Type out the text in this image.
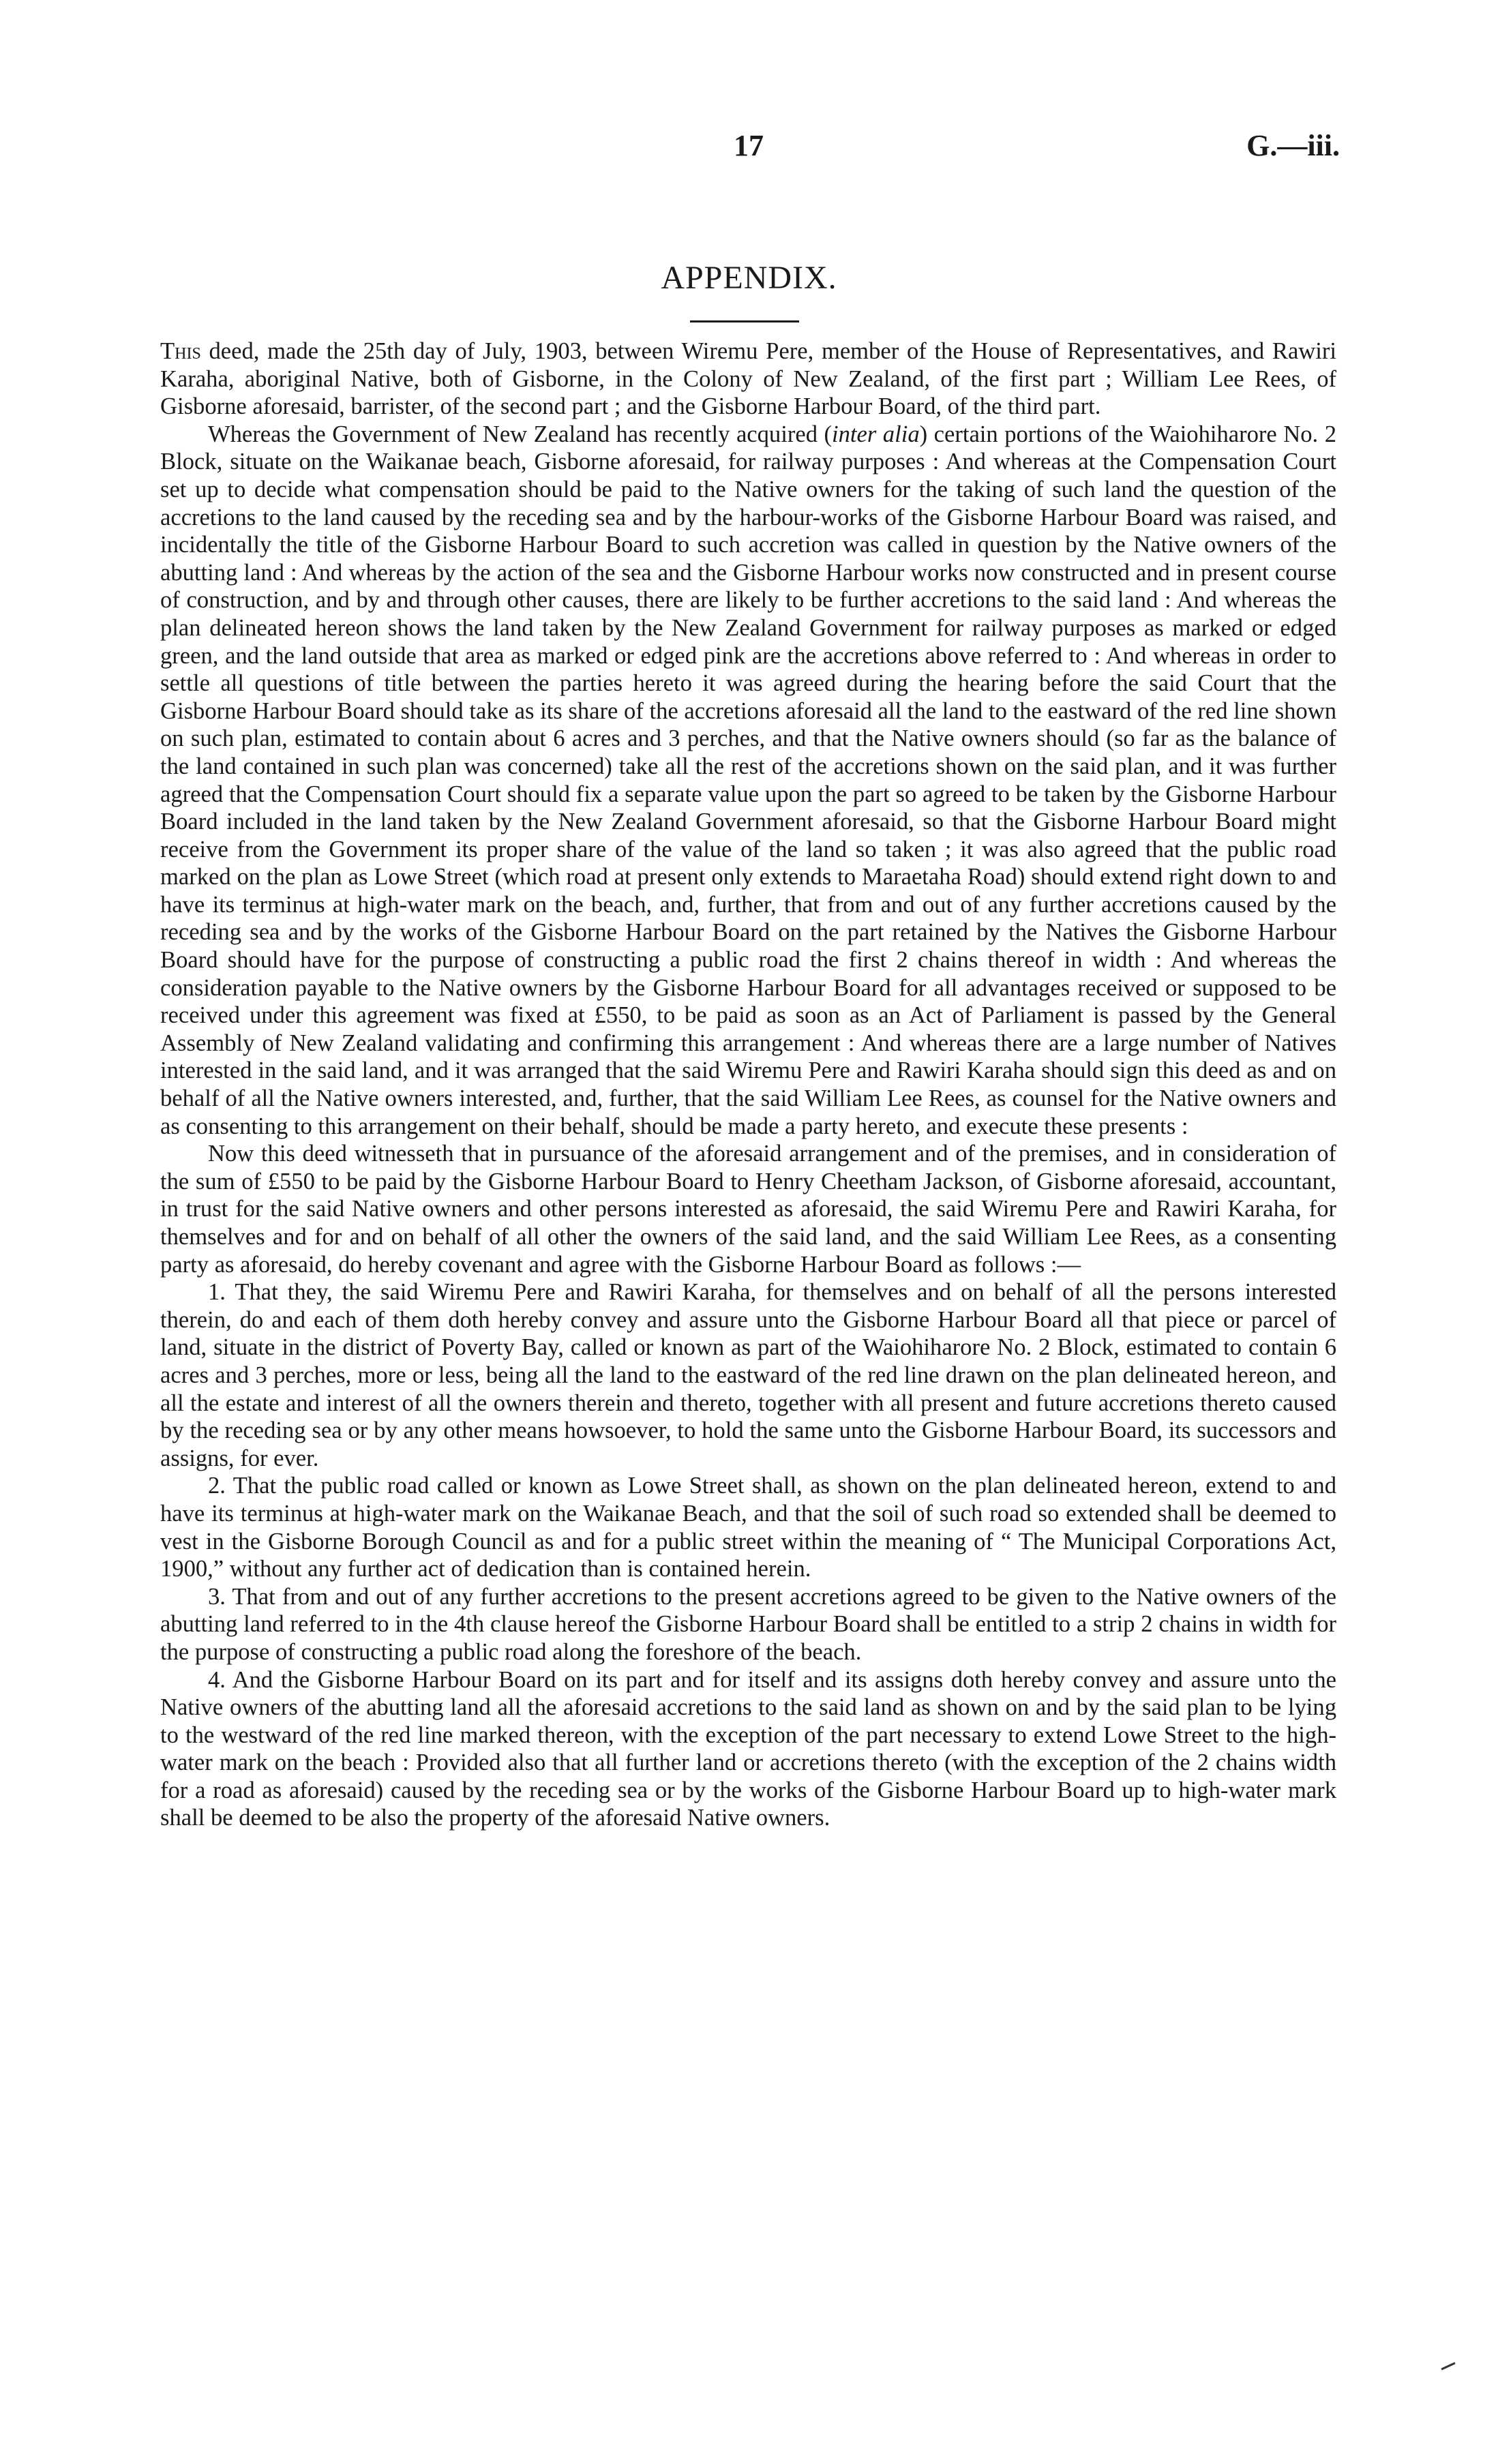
17	G.—iii.
APPENDIX.

This deed, made the 25th day of July, 1903, between Wiremu Pere, member of the House of Representatives, and Rawiri Karaha, aboriginal Native, both of Gisborne, in the Colony of New Zealand, of the first part ; William Lee Rees, of Gisborne aforesaid, barrister, of the second part ; and the Gisborne Harbour Board, of the third part.

Whereas the Government of New Zealand has recently acquired (inter alia) certain portions of the Waiohiharore No. 2 Block, situate on the Waikanae beach, Gisborne aforesaid, for railway purposes : And whereas at the Compensation Court set up to decide what compensation should be paid to the Native owners for the taking of such land the question of the accretions to the land caused by the receding sea and by the harbour-works of the Gisborne Harbour Board was raised, and incidentally the title of the Gisborne Harbour Board to such accretion was called in question by the Native owners of the abutting land : And whereas by the action of the sea and the Gisborne Harbour works now constructed and in present course of construction, and by and through other causes, there are likely to be further accretions to the said land : And whereas the plan delineated hereon shows the land taken by the New Zealand Government for railway purposes as marked or edged green, and the land outside that area as marked or edged pink are the accretions above referred to : And whereas in order to settle all questions of title between the parties hereto it was agreed during the hearing before the said Court that the Gisborne Harbour Board should take as its share of the accretions aforesaid all the land to the eastward of the red line shown on such plan, estimated to contain about 6 acres and 3 perches, and that the Native owners should (so far as the balance of the land contained in such plan was concerned) take all the rest of the accretions shown on the said plan, and it was further agreed that the Compensation Court should fix a separate value upon the part so agreed to be taken by the Gisborne Harbour Board included in the land taken by the New Zealand Government aforesaid, so that the Gisborne Harbour Board might receive from the Government its proper share of the value of the land so taken ; it was also agreed that the public road marked on the plan as Lowe Street (which road at present only extends to Maraetaha Road) should extend right down to and have its terminus at high-water mark on the beach, and, further, that from and out of any further accretions caused by the receding sea and by the works of the Gisborne Harbour Board on the part retained by the Natives the Gisborne Harbour Board should have for the purpose of constructing a public road the first 2 chains thereof in width : And whereas the consideration payable to the Native owners by the Gisborne Harbour Board for all advantages received or supposed to be received under this agreement was fixed at £550, to be paid as soon as an Act of Parliament is passed by the General Assembly of New Zealand validating and confirming this arrangement : And whereas there are a large number of Natives interested in the said land, and it was arranged that the said Wiremu Pere and Rawiri Karaha should sign this deed as and on behalf of all the Native owners interested, and, further, that the said William Lee Rees, as counsel for the Native owners and as consenting to this arrangement on their behalf, should be made a party hereto, and execute these presents :

Now this deed witnesseth that in pursuance of the aforesaid arrangement and of the premises, and in consideration of the sum of £550 to be paid by the Gisborne Harbour Board to Henry Cheetham Jackson, of Gisborne aforesaid, accountant, in trust for the said Native owners and other persons interested as aforesaid, the said Wiremu Pere and Rawiri Karaha, for themselves and for and on behalf of all other the owners of the said land, and the said William Lee Rees, as a consenting party as aforesaid, do hereby covenant and agree with the Gisborne Harbour Board as follows :—

1. That they, the said Wiremu Pere and Rawiri Karaha, for themselves and on behalf of all the persons interested therein, do and each of them doth hereby convey and assure unto the Gisborne Harbour Board all that piece or parcel of land, situate in the district of Poverty Bay, called or known as part of the Waiohiharore No. 2 Block, estimated to contain 6 acres and 3 perches, more or less, being all the land to the eastward of the red line drawn on the plan delineated hereon, and all the estate and interest of all the owners therein and thereto, together with all present and future accretions thereto caused by the receding sea or by any other means howsoever, to hold the same unto the Gisborne Harbour Board, its successors and assigns, for ever.

2. That the public road called or known as Lowe Street shall, as shown on the plan delineated hereon, extend to and have its terminus at high-water mark on the Waikanae Beach, and that the soil of such road so extended shall be deemed to vest in the Gisborne Borough Council as and for a public street within the meaning of “ The Municipal Corporations Act, 1900,” without any further act of dedication than is contained herein.

3. That from and out of any further accretions to the present accretions agreed to be given to the Native owners of the abutting land referred to in the 4th clause hereof the Gisborne Harbour Board shall be entitled to a strip 2 chains in width for the purpose of constructing a public road along the foreshore of the beach.

4. And the Gisborne Harbour Board on its part and for itself and its assigns doth hereby convey and assure unto the Native owners of the abutting land all the aforesaid accretions to the said land as shown on and by the said plan to be lying to the westward of the red line marked thereon, with the exception of the part necessary to extend Lowe Street to the high-water mark on the beach : Provided also that all further land or accretions thereto (with the exception of the 2 chains width for a road as aforesaid) caused by the receding sea or by the works of the Gisborne Harbour Board up to high-water mark shall be deemed to be also the property of the aforesaid Native owners.
